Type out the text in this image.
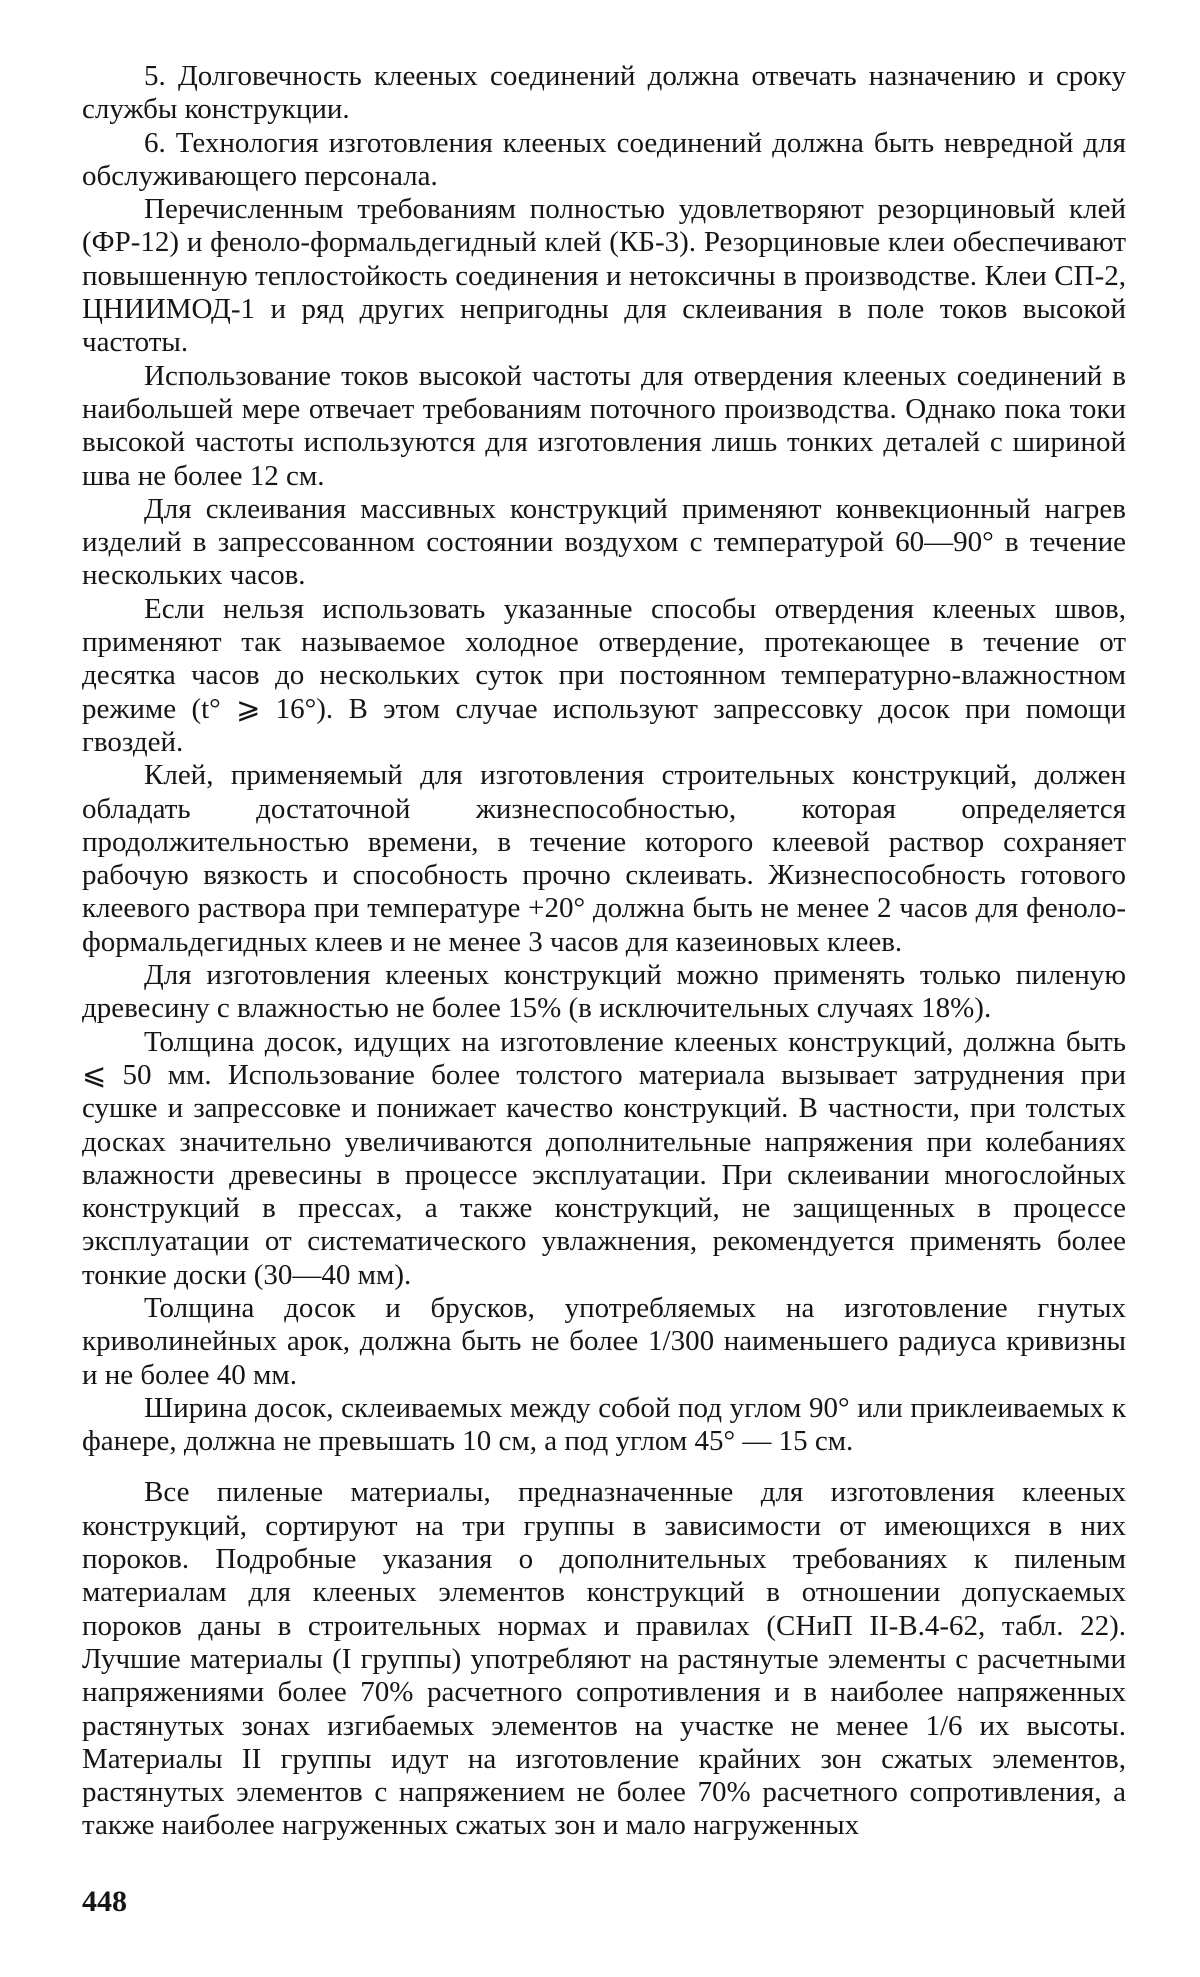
5. Долговечность клееных соединений должна отвечать назначению и сроку службы конструкции.

6. Технология изготовления клееных соединений должна быть невредной для обслуживающего персонала.

Перечисленным требованиям полностью удовлетворяют резорциновый клей (ФР-12) и феноло-формальдегидный клей (КБ-3). Резорциновые клеи обеспечивают повышенную теплостойкость соединения и нетоксичны в производстве. Клеи СП-2, ЦНИИМОД-1 и ряд других непригодны для склеивания в поле токов высокой частоты.

Использование токов высокой частоты для отвердения клееных соединений в наибольшей мере отвечает требованиям поточного производства. Однако пока токи высокой частоты используются для изготовления лишь тонких деталей с шириной шва не более 12 см.

Для склеивания массивных конструкций применяют конвекционный нагрев изделий в запрессованном состоянии воздухом с температурой 60—90° в течение нескольких часов.

Если нельзя использовать указанные способы отвердения клееных швов, применяют так называемое холодное отвердение, протекающее в течение от десятка часов до нескольких суток при постоянном температурно-влажностном режиме (t° ⩾ 16°). В этом случае используют запрессовку досок при помощи гвоздей.

Клей, применяемый для изготовления строительных конструкций, должен обладать достаточной жизнеспособностью, которая определяется продолжительностью времени, в течение которого клеевой раствор сохраняет рабочую вязкость и способность прочно склеивать. Жизнеспособность готового клеевого раствора при температуре +20° должна быть не менее 2 часов для феноло-формальдегидных клеев и не менее 3 часов для казеиновых клеев.

Для изготовления клееных конструкций можно применять только пиленую древесину с влажностью не более 15% (в исключительных случаях 18%).

Толщина досок, идущих на изготовление клееных конструкций, должна быть ⩽ 50 мм. Использование более толстого материала вызывает затруднения при сушке и запрессовке и понижает качество конструкций. В частности, при толстых досках значительно увеличиваются дополнительные напряжения при колебаниях влажности древесины в процессе эксплуатации. При склеивании многослойных конструкций в прессах, а также конструкций, не защищенных в процессе эксплуатации от систематического увлажнения, рекомендуется применять более тонкие доски (30—40 мм).

Толщина досок и брусков, употребляемых на изготовление гнутых криволинейных арок, должна быть не более 1/300 наименьшего радиуса кривизны и не более 40 мм.

Ширина досок, склеиваемых между собой под углом 90° или приклеиваемых к фанере, должна не превышать 10 см, а под углом 45° — 15 см.

Все пиленые материалы, предназначенные для изготовления клееных конструкций, сортируют на три группы в зависимости от имеющихся в них пороков. Подробные указания о дополнительных требованиях к пиленым материалам для клееных элементов конструкций в отношении допускаемых пороков даны в строительных нормах и правилах (СНиП II-В.4-62, табл. 22). Лучшие материалы (I группы) употребляют на растянутые элементы с расчетными напряжениями более 70% расчетного сопротивления и в наиболее напряженных растянутых зонах изгибаемых элементов на участке не менее 1/6 их высоты. Материалы II группы идут на изготовление крайних зон сжатых элементов, растянутых элементов с напряжением не более 70% расчетного сопротивления, а также наиболее нагруженных сжатых зон и мало нагруженных

448
